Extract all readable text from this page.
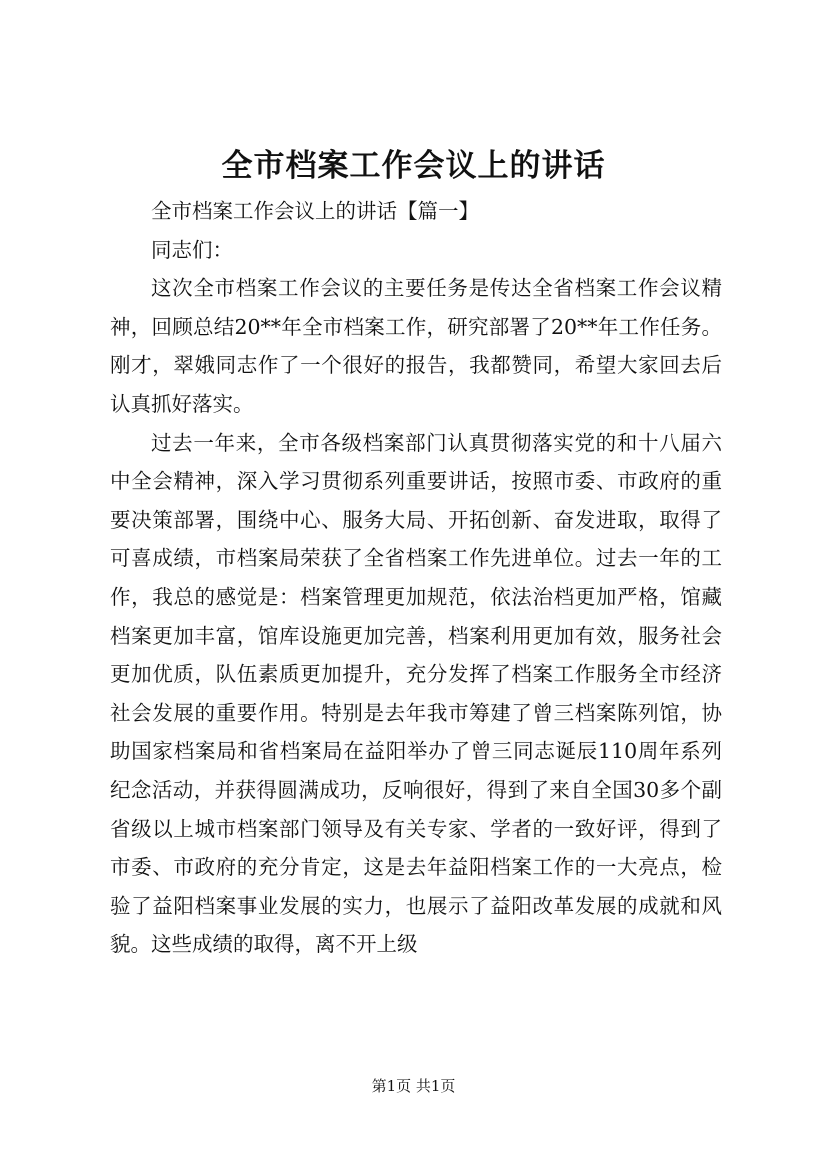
全市档案工作会议上的讲话

全市档案工作会议上的讲话【篇一】

同志们：

这次全市档案工作会议的主要任务是传达全省档案工作会议精神，回顾总结20**年全市档案工作，研究部署了20**年工作任务。刚才，翠娥同志作了一个很好的报告，我都赞同，希望大家回去后认真抓好落实。

过去一年来，全市各级档案部门认真贯彻落实党的和十八届六中全会精神，深入学习贯彻系列重要讲话，按照市委、市政府的重要决策部署，围绕中心、服务大局、开拓创新、奋发进取，取得了可喜成绩，市档案局荣获了全省档案工作先进单位。过去一年的工作，我总的感觉是：档案管理更加规范，依法治档更加严格，馆藏档案更加丰富，馆库设施更加完善，档案利用更加有效，服务社会更加优质，队伍素质更加提升，充分发挥了档案工作服务全市经济社会发展的重要作用。特别是去年我市筹建了曾三档案陈列馆，协助国家档案局和省档案局在益阳举办了曾三同志诞辰110周年系列纪念活动，并获得圆满成功，反响很好，得到了来自全国30多个副省级以上城市档案部门领导及有关专家、学者的一致好评，得到了市委、市政府的充分肯定，这是去年益阳档案工作的一大亮点，检验了益阳档案事业发展的实力，也展示了益阳改革发展的成就和风貌。这些成绩的取得，离不开上级

第1页 共1页
